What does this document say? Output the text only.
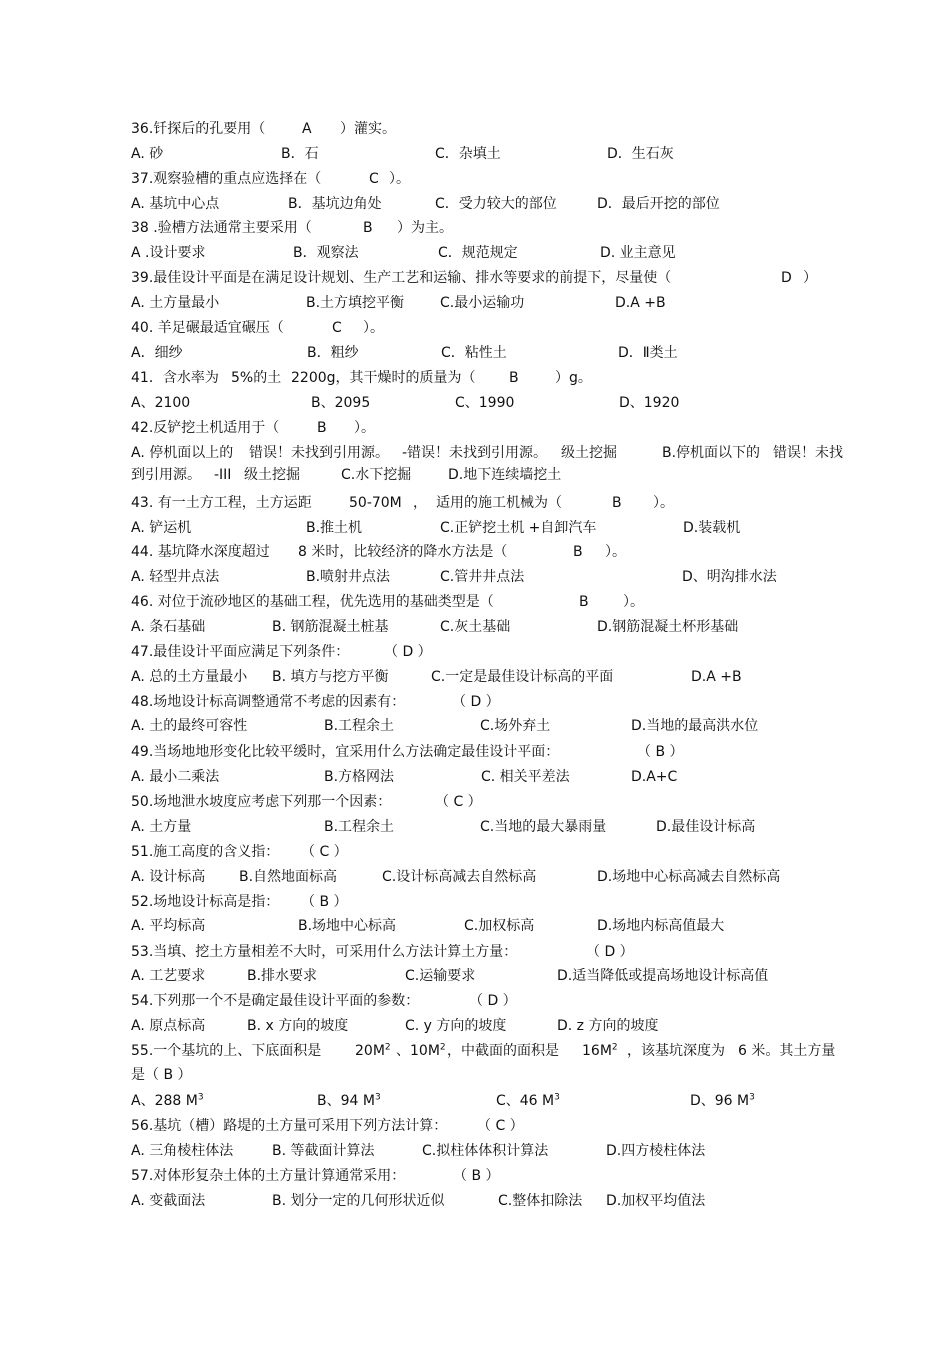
36.钎探后的孔要用（	A ）灌实。
A. 砂	B．石	C．杂填土	D．生石灰
37.观察验槽的重点应选择在（	C ）。
A. 基坑中心点	B．基坑边角处	C．受力较大的部位	D．最后开挖的部位
38 .验槽方法通常主要采用（	B ）为主。
A .设计要求	B．观察法	C．规范规定	D. 业主意见
39.最佳设计平面是在满足设计规划、生产工艺和运输、排水等要求的前提下，尽量使（	D ）
A. 土方量最小	B.土方填挖平衡	C.最小运输功	D.A +B
40. 羊足碾最适宜碾压（	C ）。
A．细纱	B．粗纱	C．粘性土	D．Ⅱ类土
41．含水率为 5%的土 2200g，其干燥时的质量为（ B	）g。
A、2100	B、2095	C、1990	D、1920
42.反铲挖土机适用于（	B ）。
A. 停机面以上的 错误！未找到引用源。 -错误！未找到引用源。 级土挖掘	B.停机面以下的 错误！未找
到引用源。 -III 级土挖掘	C.水下挖掘	D.地下连续墙挖土
43. 有一土方工程，土方运距	50-70M ， 适用的施工机械为（	B ）。
A. 铲运机	B.推土机	C.正铲挖土机 +自卸汽车	D.装载机
44. 基坑降水深度超过 8 米时，比较经济的降水方法是（	B ）。
A. 轻型井点法	B.喷射井点法	C.管井井点法	D、明沟排水法
46. 对位于流砂地区的基础工程，优先选用的基础类型是（	B ）。
A. 条石基础	B. 钢筋混凝土桩基	C.灰土基础	D.钢筋混凝土杯形基础
47.最佳设计平面应满足下列条件： （ D ）
A. 总的土方量最小 B. 填方与挖方平衡	C.一定是最佳设计标高的平面	D.A +B
48.场地设计标高调整通常不考虑的因素有：	（ D ）
A. 土的最终可容性	B.工程余土	C.场外弃土	D.当地的最高洪水位
49.当场地地形变化比较平缓时，宜采用什么方法确定最佳设计平面：	（ B ）
A. 最小二乘法	B.方格网法	C. 相关平差法	D.A+C
50.场地泄水坡度应考虑下列那一个因素：	（ C ）
A. 土方量	B.工程余土	C.当地的最大暴雨量	D.最佳设计标高
51.施工高度的含义指： （ C ）
A. 设计标高 B.自然地面标高	C.设计标高减去自然标高	D.场地中心标高减去自然标高
52.场地设计标高是指： （ B ）
A. 平均标高	B.场地中心标高	C.加权标高	D.场地内标高值最大
53.当填、挖土方量相差不大时，可采用什么方法计算土方量：	（ D ）
A. 工艺要求	B.排水要求	C.运输要求	D.适当降低或提高场地设计标高值
54.下列那一个不是确定最佳设计平面的参数：	（ D ）
A. 原点标高	B. x 方向的坡度	C. y 方向的坡度	D. z 方向的坡度
55.一个基坑的上、下底面积是 $20M^2$ 、$10M^2$ ，中截面的面积是 $16M^2$ ，该基坑深度为 6 米。其土方量
是（ B ）
A、288 $M^3$	B、94 $M^3$	C、46 $M^3$	D、96 $M^3$
56.基坑（槽）路堤的土方量可采用下列方法计算： （ C ）
A. 三角棱柱体法	B. 等截面计算法	C.拟柱体体积计算法	D.四方棱柱体法
57.对体形复杂土体的土方量计算通常采用：	（ B ）
A. 变截面法	B. 划分一定的几何形状近似	C.整体扣除法 D.加权平均值法
